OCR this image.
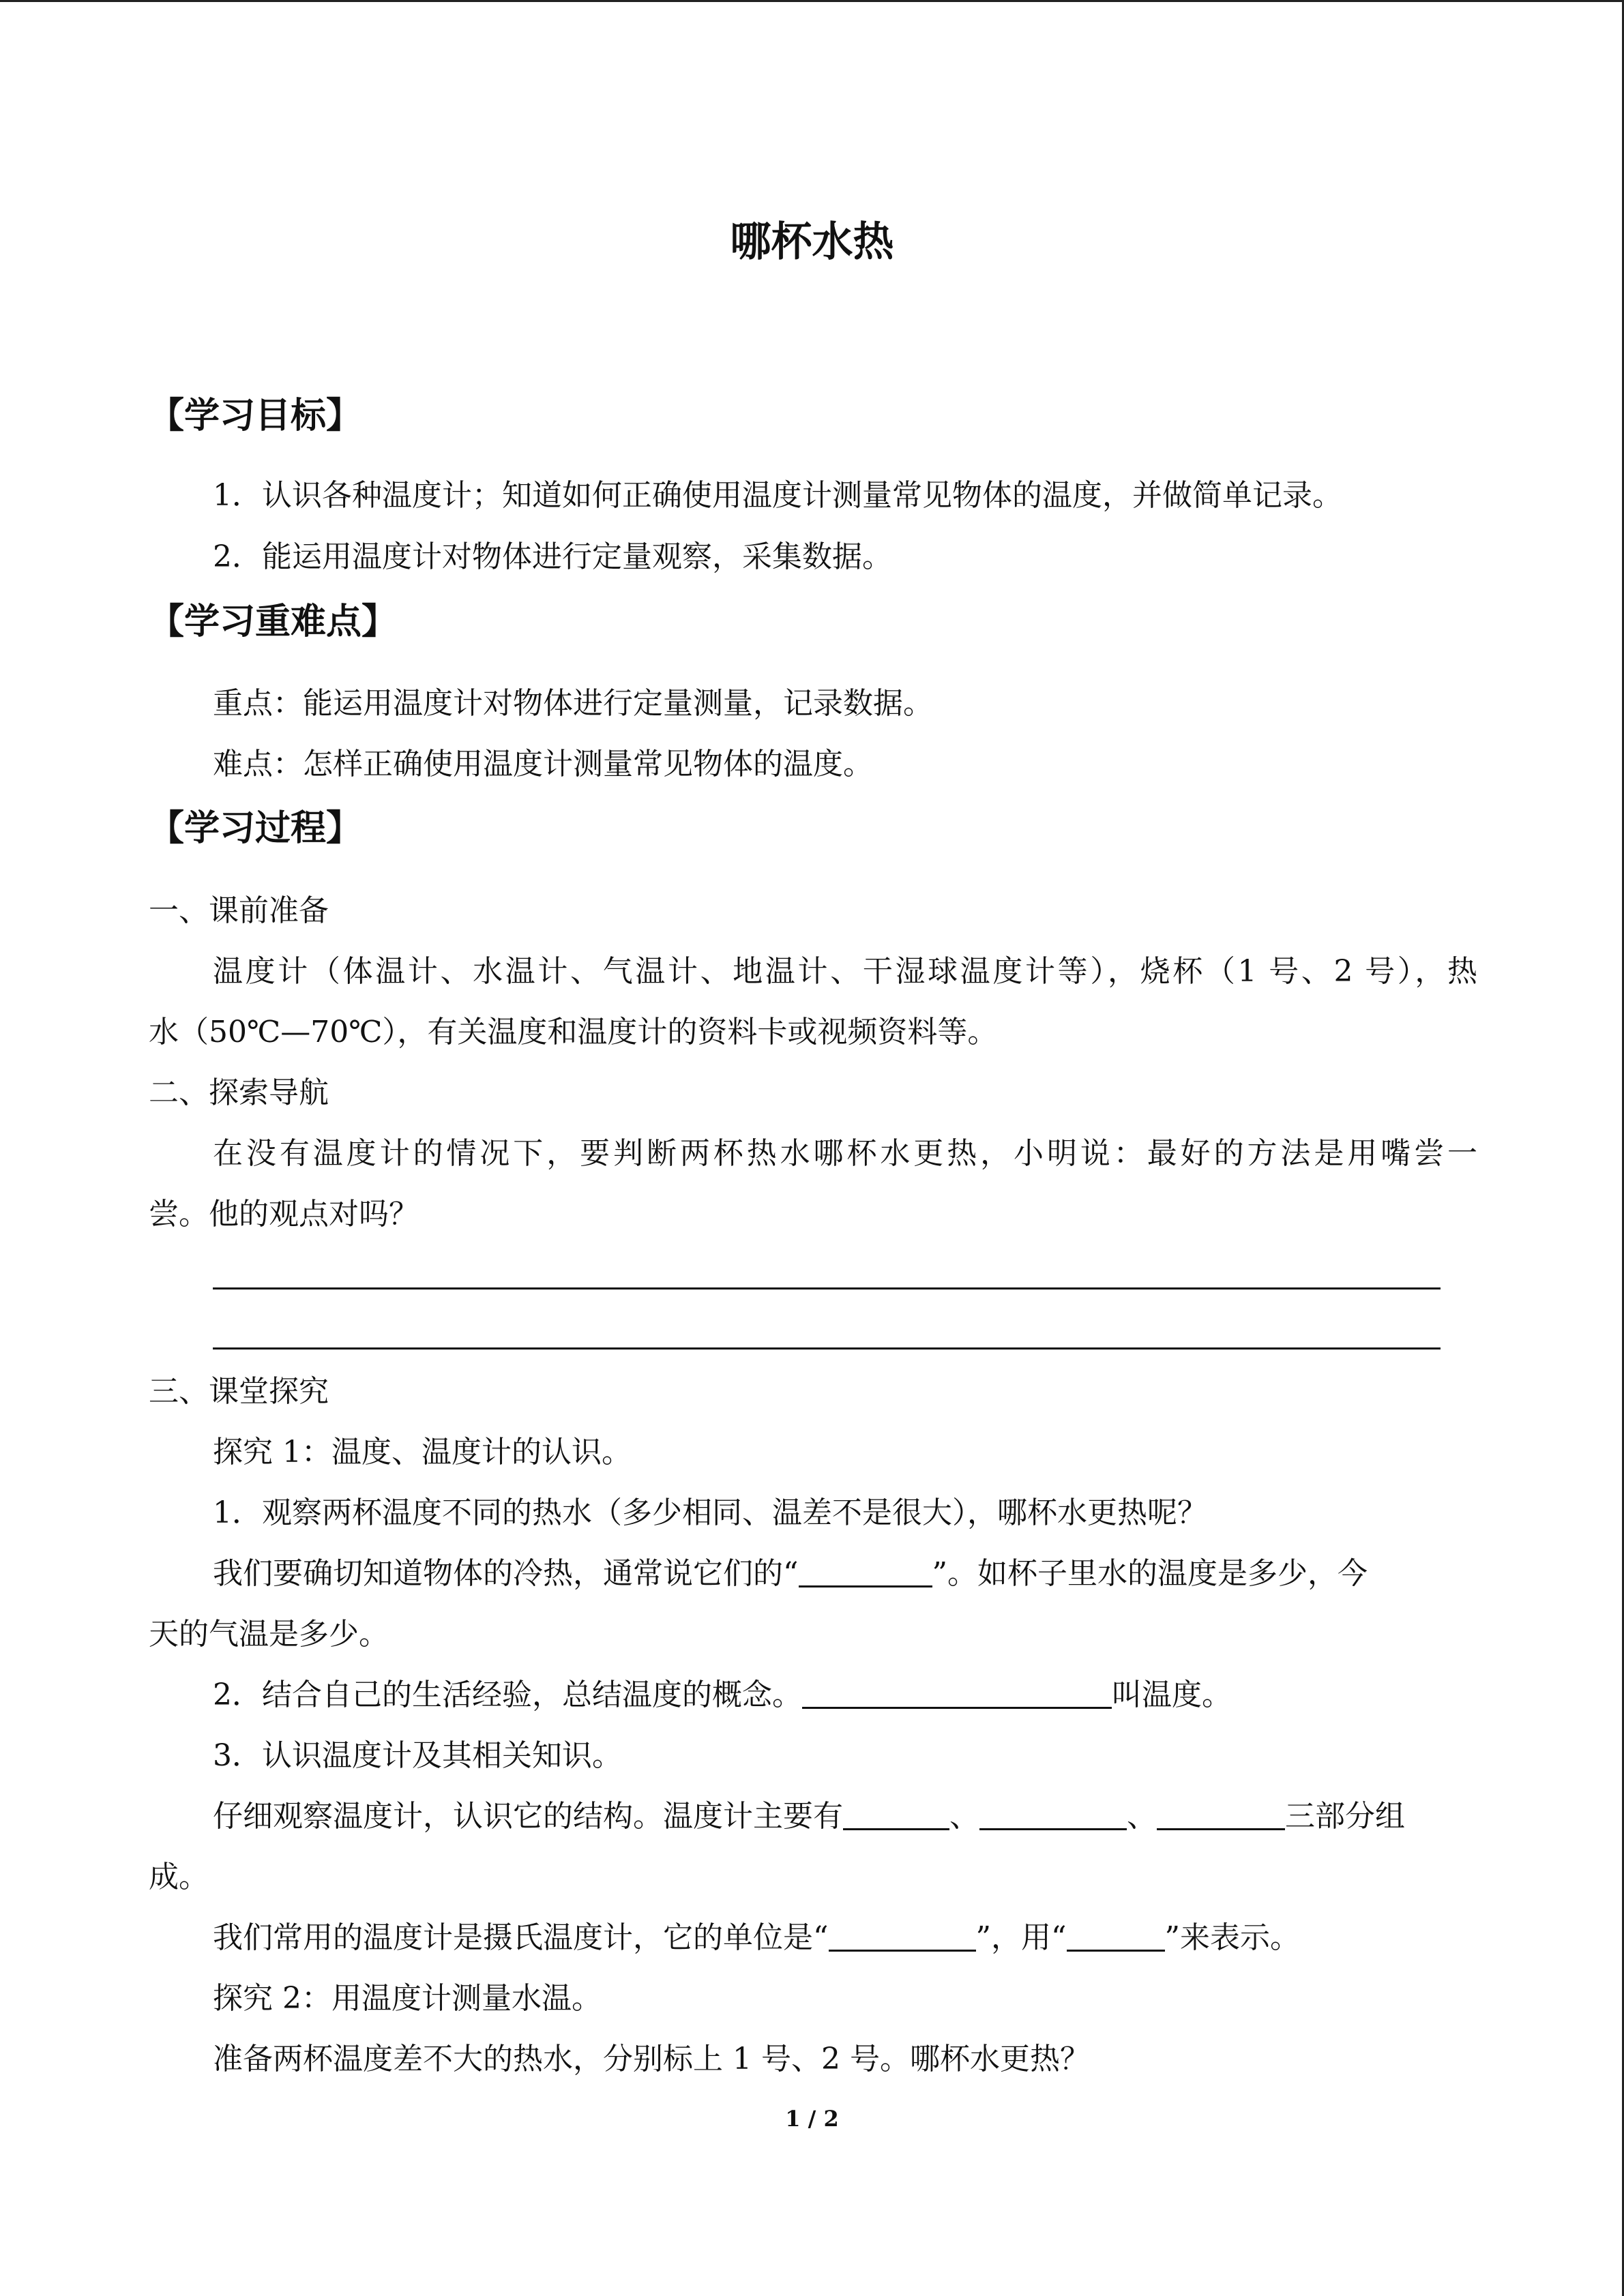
哪杯水热
【学习目标】
1．认识各种温度计；知道如何正确使用温度计测量常见物体的温度，并做简单记录。
2．能运用温度计对物体进行定量观察，采集数据。
【学习重难点】
重点：能运用温度计对物体进行定量测量，记录数据。
难点：怎样正确使用温度计测量常见物体的温度。
【学习过程】
一、课前准备
温度计（体温计、水温计、气温计、地温计、干湿球温度计等），烧杯（1 号、2 号），热
水（50℃—70℃），有关温度和温度计的资料卡或视频资料等。
二、探索导航
在没有温度计的情况下，要判断两杯热水哪杯水更热，小明说：最好的方法是用嘴尝一
尝。他的观点对吗？
三、课堂探究
探究 1：温度、温度计的认识。
1．观察两杯温度不同的热水（多少相同、温差不是很大），哪杯水更热呢？
我们要确切知道物体的冷热，通常说它们的“	”。如杯子里水的温度是多少，今
天的气温是多少。
2．结合自己的生活经验，总结温度的概念。	叫温度。
3．认识温度计及其相关知识。
仔细观察温度计，认识它的结构。温度计主要有	、	、	三部分组
成。
我们常用的温度计是摄氏温度计，它的单位是“	”，用“	”来表示。
探究 2：用温度计测量水温。
准备两杯温度差不大的热水，分别标上 1 号、2 号。哪杯水更热？
1 / 2
